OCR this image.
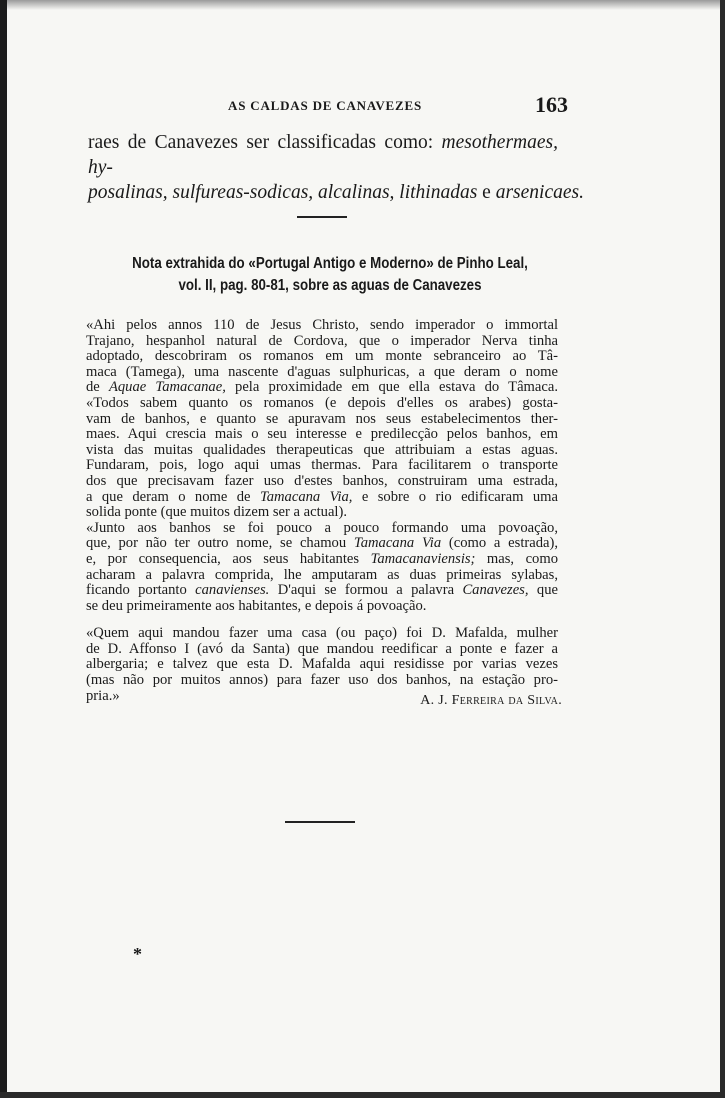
AS CALDAS DE CANAVEZES	163
raes de Canavezes ser classificadas como: mesothermaes, hy-
posalinas, sulfureas-sodicas, alcalinas, lithinadas e arsenicaes.
Nota extrahida do «Portugal Antigo e Moderno» de Pinho Leal,
vol. II, pag. 80-81, sobre as aguas de Canavezes
«Ahi pelos annos 110 de Jesus Christo, sendo imperador o immortal
Trajano, hespanhol natural de Cordova, que o imperador Nerva tinha
adoptado, descobriram os romanos em um monte sebranceiro ao Tâ-
maca (Tamega), uma nascente d'aguas sulphuricas, a que deram o nome
de Aquae Tamacanae, pela proximidade em que ella estava do Tâmaca.
«Todos sabem quanto os romanos (e depois d'elles os arabes) gosta-
vam de banhos, e quanto se apuravam nos seus estabelecimentos ther-
maes. Aqui crescia mais o seu interesse e predilecção pelos banhos, em
vista das muitas qualidades therapeuticas que attribuiam a estas aguas.
Fundaram, pois, logo aqui umas thermas. Para facilitarem o transporte
dos que precisavam fazer uso d'estes banhos, construiram uma estrada,
a que deram o nome de Tamacana Via, e sobre o rio edificaram uma
solida ponte (que muitos dizem ser a actual).
«Junto aos banhos se foi pouco a pouco formando uma povoação,
que, por não ter outro nome, se chamou Tamacana Via (como a estrada),
e, por consequencia, aos seus habitantes Tamacanaviensis; mas, como
acharam a palavra comprida, lhe amputaram as duas primeiras sylabas,
ficando portanto canavienses. D'aqui se formou a palavra Canavezes, que
se deu primeiramente aos habitantes, e depois á povoação.
«Quem aqui mandou fazer uma casa (ou paço) foi D. Mafalda, mulher
de D. Affonso I (avó da Santa) que mandou reedificar a ponte e fazer a
albergaria; e talvez que esta D. Mafalda aqui residisse por varias vezes
(mas não por muitos annos) para fazer uso dos banhos, na estação pro-
pria.»	A. J. Ferreira da Silva.
*
